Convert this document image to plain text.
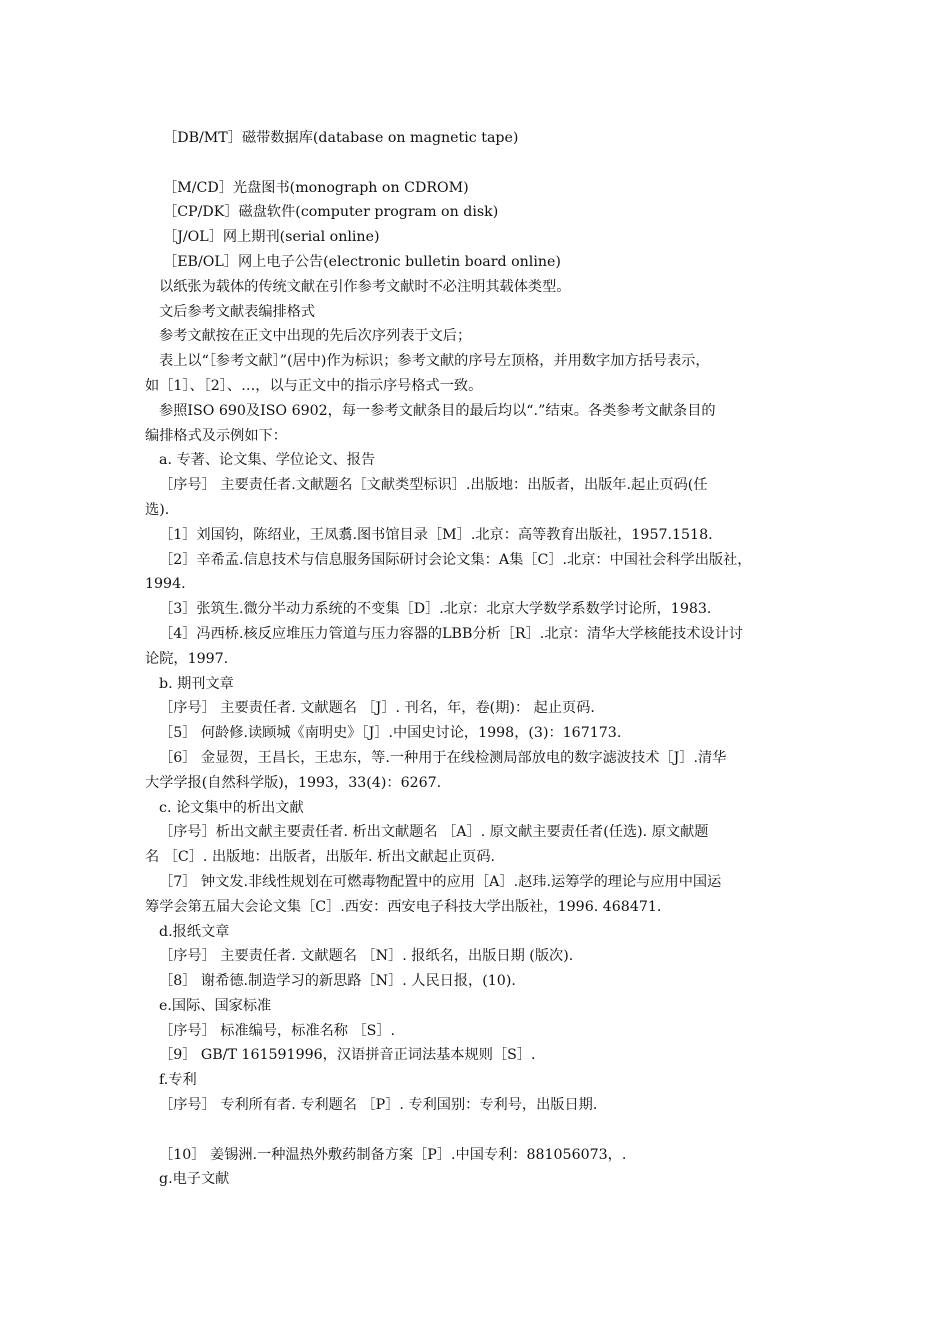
［DB/MT］磁带数据库(database on magnetic tape)
［M/CD］光盘图书(monograph on CDROM)
［CP/DK］磁盘软件(computer program on disk)
［J/OL］网上期刊(serial online)
［EB/OL］网上电子公告(electronic bulletin board online)
以纸张为载体的传统文献在引作参考文献时不必注明其载体类型。
文后参考文献表编排格式
参考文献按在正文中出现的先后次序列表于文后；
表上以“［参考文献］”(居中)作为标识；参考文献的序号左顶格，并用数字加方括号表示，
如［1］、［2］、…，以与正文中的指示序号格式一致。
参照ISO 690及ISO 6902，每一参考文献条目的最后均以“.”结束。各类参考文献条目的
编排格式及示例如下：
a. 专著、论文集、学位论文、报告
［序号］ 主要责任者.文献题名［文献类型标识］.出版地：出版者，出版年.起止页码(任
选).
［1］刘国钧，陈绍业，王凤翥.图书馆目录［M］.北京：高等教育出版社，1957.1518.
［2］辛希孟.信息技术与信息服务国际研讨会论文集：A集［C］.北京：中国社会科学出版社，
1994.
［3］张筑生.微分半动力系统的不变集［D］.北京：北京大学数学系数学讨论所，1983.
［4］冯西桥.核反应堆压力管道与压力容器的LBB分析［R］.北京：清华大学核能技术设计讨
论院，1997.
b. 期刊文章
［序号］ 主要责任者. 文献题名 ［J］. 刊名，年，卷(期)： 起止页码.
［5］ 何龄修.读顾城《南明史》［J］.中国史讨论，1998，(3)：167173.
［6］ 金显贺，王昌长，王忠东，等.一种用于在线检测局部放电的数字滤波技术［J］.清华
大学学报(自然科学版)，1993，33(4)：6267.
c. 论文集中的析出文献
［序号］析出文献主要责任者. 析出文献题名 ［A］. 原文献主要责任者(任选). 原文献题
名 ［C］. 出版地：出版者，出版年. 析出文献起止页码.
［7］ 钟文发.非线性规划在可燃毒物配置中的应用［A］.赵玮.运筹学的理论与应用中国运
筹学会第五届大会论文集［C］.西安：西安电子科技大学出版社，1996. 468471.
d.报纸文章
［序号］ 主要责任者. 文献题名 ［N］. 报纸名，出版日期 (版次).
［8］ 谢希德.制造学习的新思路［N］. 人民日报，(10).
e.国际、国家标准
［序号］ 标准编号，标准名称 ［S］.
［9］ GB/T 161591996，汉语拼音正词法基本规则［S］.
f.专利
［序号］ 专利所有者. 专利题名 ［P］. 专利国别：专利号，出版日期.
［10］ 姜锡洲.一种温热外敷药制备方案［P］.中国专利：881056073，.
g.电子文献
